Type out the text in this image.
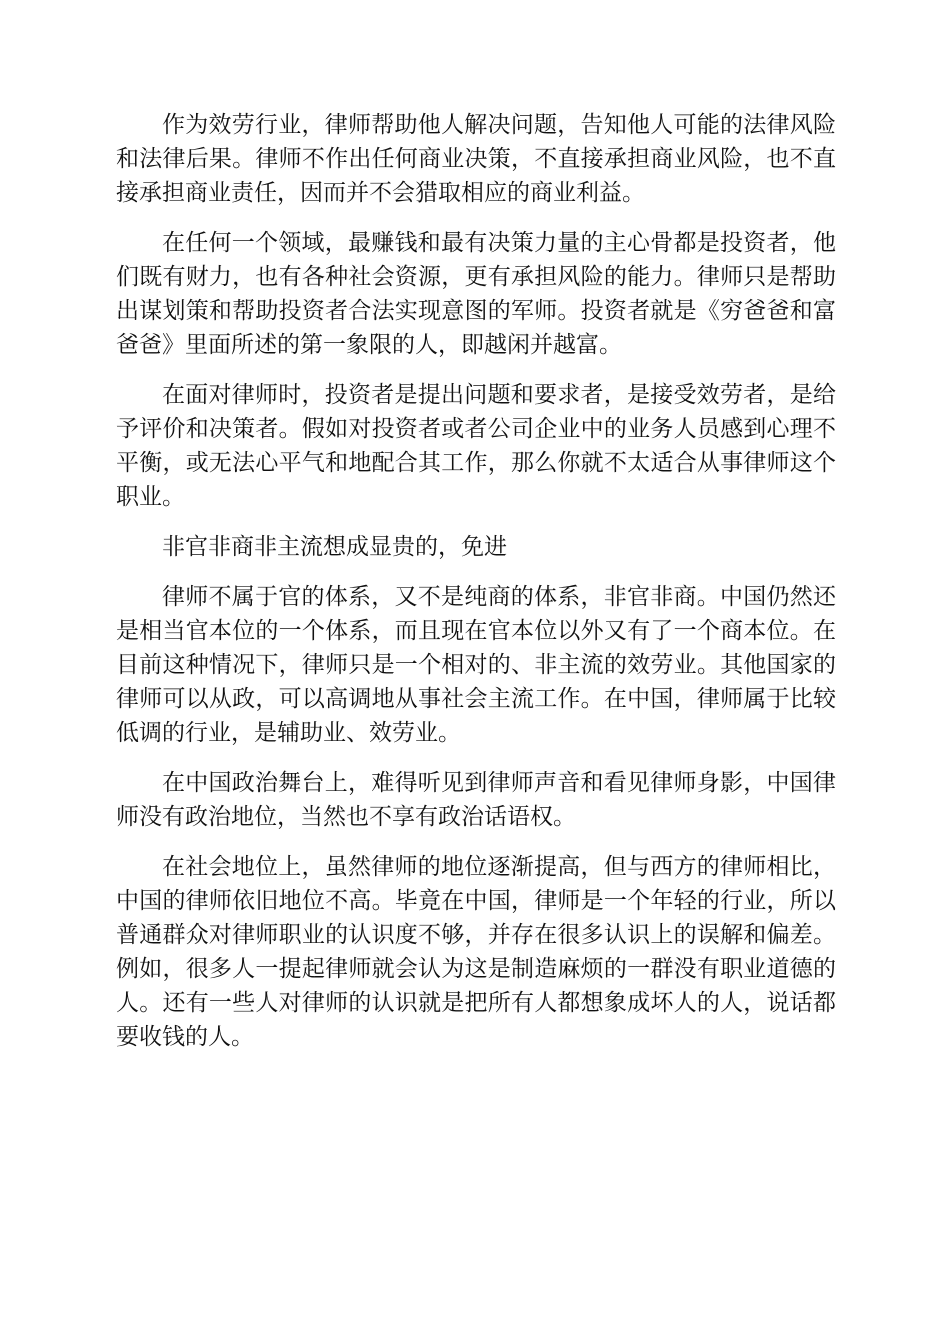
作为效劳行业，律师帮助他人解决问题，告知他人可能的法律风险和法律后果。律师不作出任何商业决策，不直接承担商业风险，也不直接承担商业责任，因而并不会猎取相应的商业利益。

在任何一个领域，最赚钱和最有决策力量的主心骨都是投资者，他们既有财力，也有各种社会资源，更有承担风险的能力。律师只是帮助出谋划策和帮助投资者合法实现意图的军师。投资者就是《穷爸爸和富爸爸》里面所述的第一象限的人，即越闲并越富。

在面对律师时，投资者是提出问题和要求者，是接受效劳者，是给予评价和决策者。假如对投资者或者公司企业中的业务人员感到心理不平衡，或无法心平气和地配合其工作，那么你就不太适合从事律师这个职业。

非官非商非主流想成显贵的，免进

律师不属于官的体系，又不是纯商的体系，非官非商。中国仍然还是相当官本位的一个体系，而且现在官本位以外又有了一个商本位。在目前这种情况下，律师只是一个相对的、非主流的效劳业。其他国家的律师可以从政，可以高调地从事社会主流工作。在中国，律师属于比较低调的行业，是辅助业、效劳业。

在中国政治舞台上，难得听见到律师声音和看见律师身影，中国律师没有政治地位，当然也不享有政治话语权。

在社会地位上，虽然律师的地位逐渐提高，但与西方的律师相比，中国的律师依旧地位不高。毕竟在中国，律师是一个年轻的行业，所以普通群众对律师职业的认识度不够，并存在很多认识上的误解和偏差。例如，很多人一提起律师就会认为这是制造麻烦的一群没有职业道德的人。还有一些人对律师的认识就是把所有人都想象成坏人的人，说话都要收钱的人。
